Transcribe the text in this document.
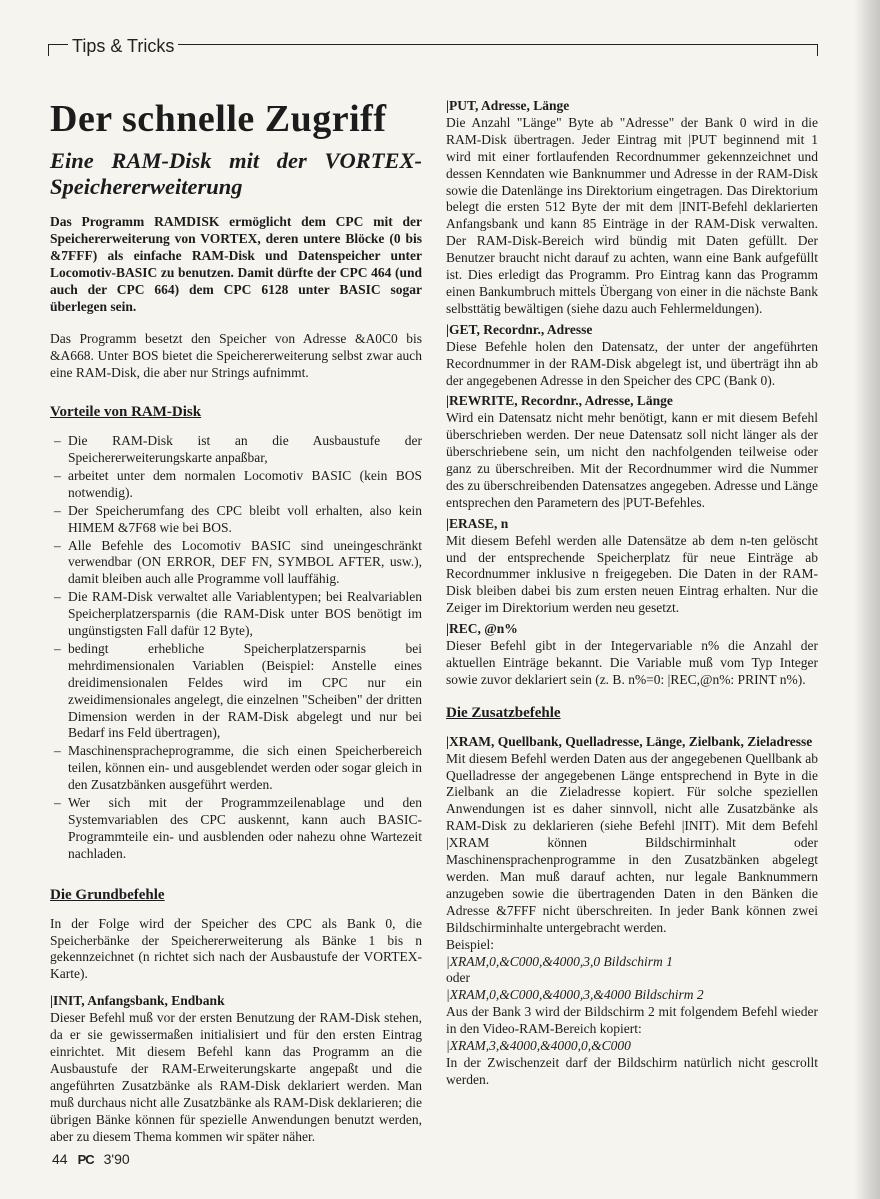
Tips & Tricks
Der schnelle Zugriff
Eine RAM-Disk mit der VORTEX-Speichererweiterung

Das Programm RAMDISK ermöglicht dem CPC mit der Speichererweiterung von VORTEX, deren untere Blöcke (0 bis &7FFF) als einfache RAM-Disk und Datenspeicher unter Locomotiv-BASIC zu benutzen. Damit dürfte der CPC 464 (und auch der CPC 664) dem CPC 6128 unter BASIC sogar überlegen sein.

Das Programm besetzt den Speicher von Adresse &A0C0 bis &A668. Unter BOS bietet die Speichererweiterung selbst zwar auch eine RAM-Disk, die aber nur Strings aufnimmt.

Vorteile von RAM-Disk
– Die RAM-Disk ist an die Ausbaustufe der Speichererweiterungskarte anpaßbar,
– arbeitet unter dem normalen Locomotiv BASIC (kein BOS notwendig).
– Der Speicherumfang des CPC bleibt voll erhalten, also kein HIMEM &7F68 wie bei BOS.
– Alle Befehle des Locomotiv BASIC sind uneingeschränkt verwendbar (ON ERROR, DEF FN, SYMBOL AFTER, usw.), damit bleiben auch alle Programme voll lauffähig.
– Die RAM-Disk verwaltet alle Variablentypen; bei Realvariablen Speicherplatzersparnis (die RAM-Disk unter BOS benötigt im ungünstigsten Fall dafür 12 Byte),
– bedingt erhebliche Speicherplatzersparnis bei mehrdimensionalen Variablen (Beispiel: Anstelle eines dreidimensionalen Feldes wird im CPC nur ein zweidimensionales angelegt, die einzelnen "Scheiben" der dritten Dimension werden in der RAM-Disk abgelegt und nur bei Bedarf ins Feld übertragen),
– Maschinenspracheprogramme, die sich einen Speicherbereich teilen, können ein- und ausgeblendet werden oder sogar gleich in den Zusatzbänken ausgeführt werden.
– Wer sich mit der Programmzeilenablage und den Systemvariablen des CPC auskennt, kann auch BASIC-Programmteile ein- und ausblenden oder nahezu ohne Wartezeit nachladen.
Die Grundbefehle

In der Folge wird der Speicher des CPC als Bank 0, die Speicherbänke der Speichererweiterung als Bänke 1 bis n gekennzeichnet (n richtet sich nach der Ausbaustufe der VORTEX-Karte).

|INIT, Anfangsbank, Endbank

Dieser Befehl muß vor der ersten Benutzung der RAM-Disk stehen, da er sie gewissermaßen initialisiert und für den ersten Eintrag einrichtet. Mit diesem Befehl kann das Programm an die Ausbaustufe der RAM-Erweiterungskarte angepaßt und die angeführten Zusatzbänke als RAM-Disk deklariert werden. Man muß durchaus nicht alle Zusatzbänke als RAM-Disk deklarieren; die übrigen Bänke können für spezielle Anwendungen benutzt werden, aber zu diesem Thema kommen wir später näher.

|PUT, Adresse, Länge

Die Anzahl "Länge" Byte ab "Adresse" der Bank 0 wird in die RAM-Disk übertragen. Jeder Eintrag mit |PUT beginnend mit 1 wird mit einer fortlaufenden Recordnummer gekennzeichnet und dessen Kenndaten wie Banknummer und Adresse in der RAM-Disk sowie die Datenlänge ins Direktorium eingetragen. Das Direktorium belegt die ersten 512 Byte der mit dem |INIT-Befehl deklarierten Anfangsbank und kann 85 Einträge in der RAM-Disk verwalten. Der RAM-Disk-Bereich wird bündig mit Daten gefüllt. Der Benutzer braucht nicht darauf zu achten, wann eine Bank aufgefüllt ist. Dies erledigt das Programm. Pro Eintrag kann das Programm einen Bankumbruch mittels Übergang von einer in die nächste Bank selbsttätig bewältigen (siehe dazu auch Fehlermeldungen).

|GET, Recordnr., Adresse

Diese Befehle holen den Datensatz, der unter der angeführten Recordnummer in der RAM-Disk abgelegt ist, und überträgt ihn ab der angegebenen Adresse in den Speicher des CPC (Bank 0).

|REWRITE, Recordnr., Adresse, Länge

Wird ein Datensatz nicht mehr benötigt, kann er mit diesem Befehl überschrieben werden. Der neue Datensatz soll nicht länger als der überschriebene sein, um nicht den nachfolgenden teilweise oder ganz zu überschreiben. Mit der Recordnummer wird die Nummer des zu überschreibenden Datensatzes angegeben. Adresse und Länge entsprechen den Parametern des |PUT-Befehles.

|ERASE, n

Mit diesem Befehl werden alle Datensätze ab dem n-ten gelöscht und der entsprechende Speicherplatz für neue Einträge ab Recordnummer inklusive n freigegeben. Die Daten in der RAM-Disk bleiben dabei bis zum ersten neuen Eintrag erhalten. Nur die Zeiger im Direktorium werden neu gesetzt.

|REC, @n%

Dieser Befehl gibt in der Integervariable n% die Anzahl der aktuellen Einträge bekannt. Die Variable muß vom Typ Integer sowie zuvor deklariert sein (z. B. n%=0: |REC,@n%: PRINT n%).

Die Zusatzbefehle
|XRAM, Quellbank, Quelladresse, Länge, Zielbank, Zieladresse

Mit diesem Befehl werden Daten aus der angegebenen Quellbank ab Quelladresse der angegebenen Länge entsprechend in Byte in die Zielbank an die Zieladresse kopiert. Für solche speziellen Anwendungen ist es daher sinnvoll, nicht alle Zusatzbänke als RAM-Disk zu deklarieren (siehe Befehl |INIT). Mit dem Befehl |XRAM können Bildschirminhalt oder Maschinensprachenprogramme in den Zusatzbänken abgelegt werden. Man muß darauf achten, nur legale Banknummern anzugeben sowie die übertragenden Daten in den Bänken die Adresse &7FFF nicht überschreiten. In jeder Bank können zwei Bildschirminhalte untergebracht werden.

Beispiel:
|XRAM,0,&C000,&4000,3,0 Bildschirm 1
oder
|XRAM,0,&C000,&4000,3,&4000 Bildschirm 2
Aus der Bank 3 wird der Bildschirm 2 mit folgendem Befehl wieder in den Video-RAM-Bereich kopiert:
|XRAM,3,&4000,&4000,0,&C000

In der Zwischenzeit darf der Bildschirm natürlich nicht gescrollt werden.

44 PC 3'90
